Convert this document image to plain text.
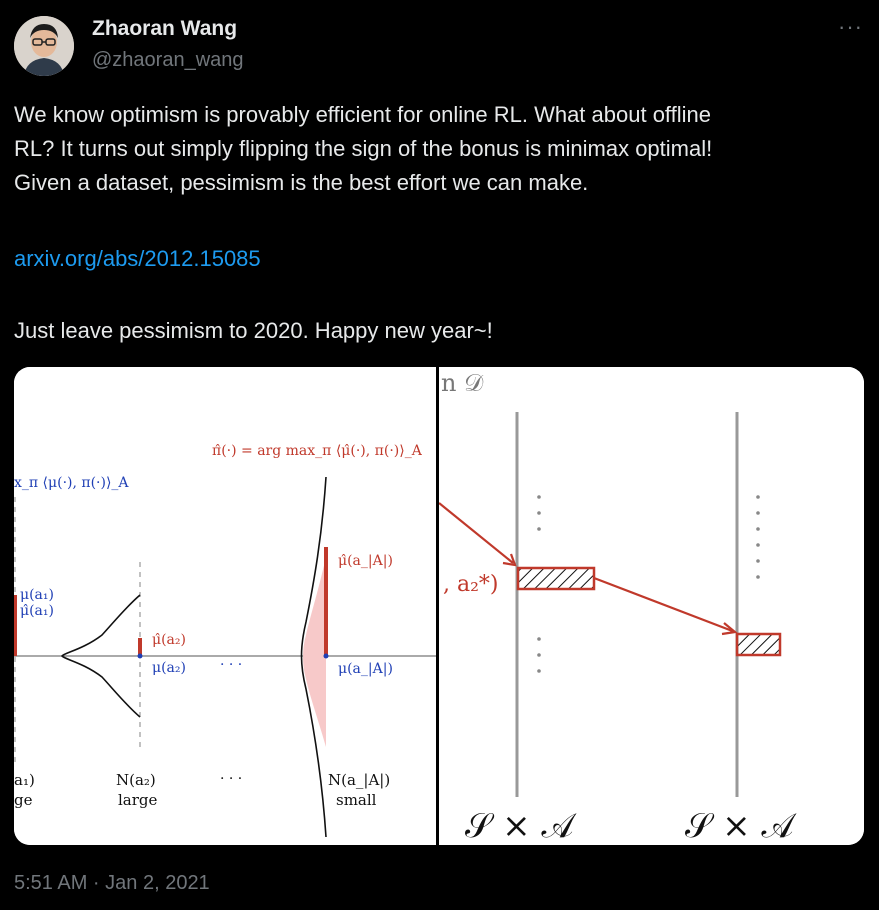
Zhaoran Wang
@zhaoran_wang
···
We know optimism is provably efficient for online RL. What about offline
RL? It turns out simply flipping the sign of the bonus is minimax optimal!
Given a dataset, pessimism is the best effort we can make.
arxiv.org/abs/2012.15085
Just leave pessimism to 2020. Happy new year~!
π̂(·) = arg max_π ⟨μ̂(·), π(·)⟩_A
x_π ⟨μ(·), π(·)⟩_A
μ(a₁)
μ̂(a₁)
μ̂(a₂)
μ(a₂) · · ·
μ̂(a_|A|)
μ(a_|A|)
a₁)
ge
N(a₂)
large
· · ·	N(a_|A|)
small
n 𝒟
, a₂*)
𝒮 × 𝒜	𝒮 × 𝒜
5:51 AM · Jan 2, 2021
